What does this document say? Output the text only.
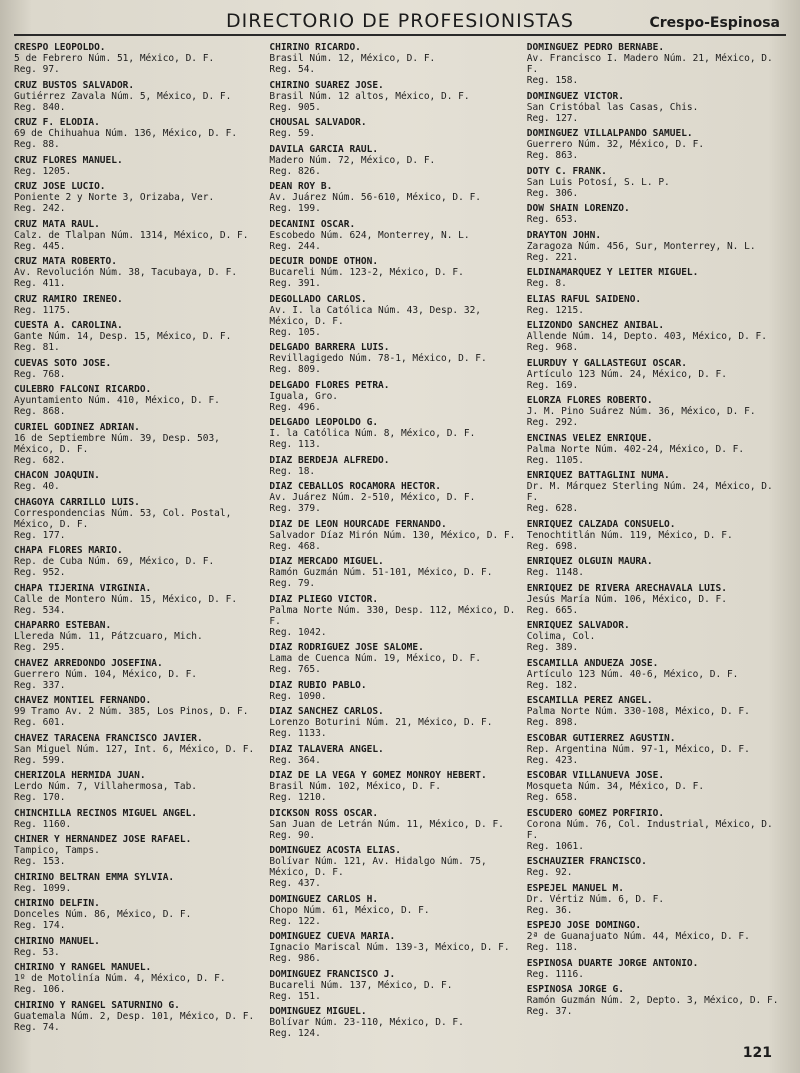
DIRECTORIO DE PROFESIONISTAS	Crespo-Espinosa
CRESPO LEOPOLDO.
5 de Febrero Núm. 51, México, D. F.
Reg. 97.
CRUZ BUSTOS SALVADOR.
Gutiérrez Zavala Núm. 5, México, D. F.
Reg. 840.
CRUZ F. ELODIA.
69 de Chihuahua Núm. 136, México, D. F.
Reg. 88.
CRUZ FLORES MANUEL.
Reg. 1205.
CRUZ JOSE LUCIO.
Poniente 2 y Norte 3, Orizaba, Ver.
Reg. 242.
CRUZ MATA RAUL.
Calz. de Tlalpan Núm. 1314, México, D. F.
Reg. 445.
CRUZ MATA ROBERTO.
Av. Revolución Núm. 38, Tacubaya, D. F.
Reg. 411.
CRUZ RAMIRO IRENEO.
Reg. 1175.
CUESTA A. CAROLINA.
Gante Núm. 14, Desp. 15, México, D. F.
Reg. 81.
CUEVAS SOTO JOSE.
Reg. 768.
CULEBRO FALCONI RICARDO.
Ayuntamiento Núm. 410, México, D. F.
Reg. 868.
CURIEL GODINEZ ADRIAN.
16 de Septiembre Núm. 39, Desp. 503, México, D. F.
Reg. 682.
CHACON JOAQUIN.
Reg. 40.
CHAGOYA CARRILLO LUIS.
Correspondencias Núm. 53, Col. Postal, México, D. F.
Reg. 177.
CHAPA FLORES MARIO.
Rep. de Cuba Núm. 69, México, D. F.
Reg. 952.
CHAPA TIJERINA VIRGINIA.
Calle de Montero Núm. 15, México, D. F.
Reg. 534.
CHAPARRO ESTEBAN.
Llereda Núm. 11, Pátzcuaro, Mich.
Reg. 295.
CHAVEZ ARREDONDO JOSEFINA.
Guerrero Núm. 104, México, D. F.
Reg. 337.
CHAVEZ MONTIEL FERNANDO.
99 Tramo Av. 2 Núm. 385, Los Pinos, D. F.
Reg. 601.
CHAVEZ TARACENA FRANCISCO JAVIER.
San Miguel Núm. 127, Int. 6, México, D. F.
Reg. 599.
CHERIZOLA HERMIDA JUAN.
Lerdo Núm. 7, Villahermosa, Tab.
Reg. 170.
CHINCHILLA RECINOS MIGUEL ANGEL.
Reg. 1160.
CHINER Y HERNANDEZ JOSE RAFAEL.
Tampico, Tamps.
Reg. 153.
CHIRINO BELTRAN EMMA SYLVIA.
Reg. 1099.
CHIRINO DELFIN.
Donceles Núm. 86, México, D. F.
Reg. 174.
CHIRINO MANUEL.
Reg. 53.
CHIRINO Y RANGEL MANUEL.
1º de Motolinía Núm. 4, México, D. F.
Reg. 106.
CHIRINO Y RANGEL SATURNINO G.
Guatemala Núm. 2, Desp. 101, México, D. F.
Reg. 74.
CHIRINO RICARDO.
Brasil Núm. 12, México, D. F.
Reg. 54.
CHIRINO SUAREZ JOSE.
Brasil Núm. 12 altos, México, D. F.
Reg. 905.
CHOUSAL SALVADOR.
Reg. 59.
DAVILA GARCIA RAUL.
Madero Núm. 72, México, D. F.
Reg. 826.
DEAN ROY B.
Av. Juárez Núm. 56-610, México, D. F.
Reg. 199.
DECANINI OSCAR.
Escobedo Núm. 624, Monterrey, N. L.
Reg. 244.
DECUIR DONDE OTHON.
Bucareli Núm. 123-2, México, D. F.
Reg. 391.
DEGOLLADO CARLOS.
Av. I. la Católica Núm. 43, Desp. 32, México, D. F.
Reg. 105.
DELGADO BARRERA LUIS.
Revillagigedo Núm. 78-1, México, D. F.
Reg. 809.
DELGADO FLORES PETRA.
Iguala, Gro.
Reg. 496.
DELGADO LEOPOLDO G.
I. la Católica Núm. 8, México, D. F.
Reg. 113.
DIAZ BERDEJA ALFREDO.
Reg. 18.
DIAZ CEBALLOS ROCAMORA HECTOR.
Av. Juárez Núm. 2-510, México, D. F.
Reg. 379.
DIAZ DE LEON HOURCADE FERNANDO.
Salvador Díaz Mirón Núm. 130, México, D. F.
Reg. 468.
DIAZ MERCADO MIGUEL.
Ramón Guzmán Núm. 51-101, México, D. F.
Reg. 79.
DIAZ PLIEGO VICTOR.
Palma Norte Núm. 330, Desp. 112, México, D. F.
Reg. 1042.
DIAZ RODRIGUEZ JOSE SALOME.
Lama de Cuenca Núm. 19, México, D. F.
Reg. 765.
DIAZ RUBIO PABLO.
Reg. 1090.
DIAZ SANCHEZ CARLOS.
Lorenzo Boturini Núm. 21, México, D. F.
Reg. 1133.
DIAZ TALAVERA ANGEL.
Reg. 364.
DIAZ DE LA VEGA Y GOMEZ MONROY HEBERT.
Brasil Núm. 102, México, D. F.
Reg. 1210.
DICKSON ROSS OSCAR.
San Juan de Letrán Núm. 11, México, D. F.
Reg. 90.
DOMINGUEZ ACOSTA ELIAS.
Bolívar Núm. 121, Av. Hidalgo Núm. 75, México, D. F.
Reg. 437.
DOMINGUEZ CARLOS H.
Chopo Núm. 61, México, D. F.
Reg. 122.
DOMINGUEZ CUEVA MARIA.
Ignacio Mariscal Núm. 139-3, México, D. F.
Reg. 986.
DOMINGUEZ FRANCISCO J.
Bucareli Núm. 137, México, D. F.
Reg. 151.
DOMINGUEZ MIGUEL.
Bolívar Núm. 23-110, México, D. F.
Reg. 124.
DOMINGUEZ PEDRO BERNABE.
Av. Francisco I. Madero Núm. 21, México, D. F.
Reg. 158.
DOMINGUEZ VICTOR.
San Cristóbal las Casas, Chis.
Reg. 127.
DOMINGUEZ VILLALPANDO SAMUEL.
Guerrero Núm. 32, México, D. F.
Reg. 863.
DOTY C. FRANK.
San Luis Potosí, S. L. P.
Reg. 306.
DOW SHAIN LORENZO.
Reg. 653.
DRAYTON JOHN.
Zaragoza Núm. 456, Sur, Monterrey, N. L.
Reg. 221.
ELDINAMARQUEZ Y LEITER MIGUEL.
Reg. 8.
ELIAS RAFUL SAIDENO.
Reg. 1215.
ELIZONDO SANCHEZ ANIBAL.
Allende Núm. 14, Depto. 403, México, D. F.
Reg. 968.
ELURDUY Y GALLASTEGUI OSCAR.
Artículo 123 Núm. 24, México, D. F.
Reg. 169.
ELORZA FLORES ROBERTO.
J. M. Pino Suárez Núm. 36, México, D. F.
Reg. 292.
ENCINAS VELEZ ENRIQUE.
Palma Norte Núm. 402-24, México, D. F.
Reg. 1105.
ENRIQUEZ BATTAGLINI NUMA.
Dr. M. Márquez Sterling Núm. 24, México, D. F.
Reg. 628.
ENRIQUEZ CALZADA CONSUELO.
Tenochtitlán Núm. 119, México, D. F.
Reg. 698.
ENRIQUEZ OLGUIN MAURA.
Reg. 1148.
ENRIQUEZ DE RIVERA ARECHAVALA LUIS.
Jesús María Núm. 106, México, D. F.
Reg. 665.
ENRIQUEZ SALVADOR.
Colima, Col.
Reg. 389.
ESCAMILLA ANDUEZA JOSE.
Artículo 123 Núm. 40-6, México, D. F.
Reg. 182.
ESCAMILLA PEREZ ANGEL.
Palma Norte Núm. 330-108, México, D. F.
Reg. 898.
ESCOBAR GUTIERREZ AGUSTIN.
Rep. Argentina Núm. 97-1, México, D. F.
Reg. 423.
ESCOBAR VILLANUEVA JOSE.
Mosqueta Núm. 34, México, D. F.
Reg. 658.
ESCUDERO GOMEZ PORFIRIO.
Corona Núm. 76, Col. Industrial, México, D. F.
Reg. 1061.
ESCHAUZIER FRANCISCO.
Reg. 92.
ESPEJEL MANUEL M.
Dr. Vértiz Núm. 6, D. F.
Reg. 36.
ESPEJO JOSE DOMINGO.
2ª de Guanajuato Núm. 44, México, D. F.
Reg. 118.
ESPINOSA DUARTE JORGE ANTONIO.
Reg. 1116.
ESPINOSA JORGE G.
Ramón Guzmán Núm. 2, Depto. 3, México, D. F.
Reg. 37.
121
